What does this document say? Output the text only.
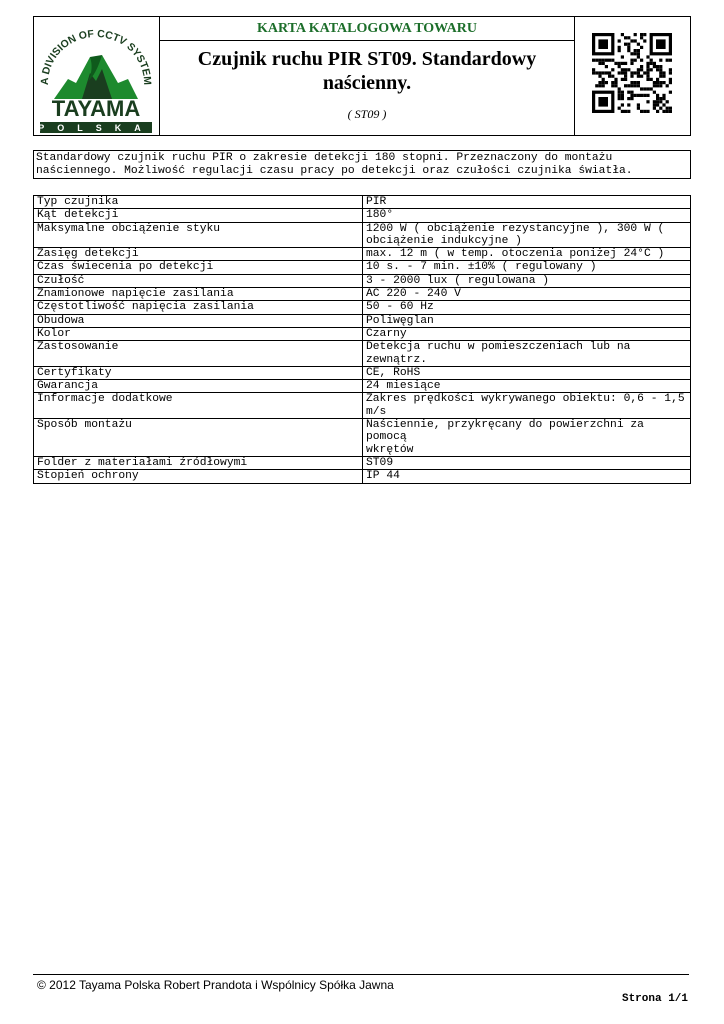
A DIVISION OF CCTV SYSTEM
TAYAMA
POLSKA
KARTA KATALOGOWA TOWARU
Czujnik ruchu PIR ST09. Standardowy
naścienny.
( ST09 )
Standardowy czujnik ruchu PIR o zakresie detekcji 180 stopni. Przeznaczony do montażu
naściennego. Możliwość regulacji czasu pracy po detekcji oraz czułości czujnika światła.
Typ czujnika	PIR

Kąt detekcji	180°

Maksymalne obciążenie styku	1200 W ( obciążenie rezystancyjne ), 300 W (
obciążenie indukcyjne )

Zasięg detekcji	max. 12 m ( w temp. otoczenia poniżej 24°C )

Czas świecenia po detekcji	10 s. - 7 min. ±10% ( regulowany )

Czułość	3 - 2000 lux ( regulowana )

Znamionowe napięcie zasilania	AC 220 - 240 V

Częstotliwość napięcia zasilania	50 - 60 Hz

Obudowa	Poliwęglan

Kolor	Czarny

Zastosowanie	Detekcja ruchu w pomieszczeniach lub na
zewnątrz.

Certyfikaty	CE, RoHS

Gwarancja	24 miesiące

Informacje dodatkowe	Zakres prędkości wykrywanego obiektu: 0,6 - 1,5
m/s

Sposób montażu	Naściennie, przykręcany do powierzchni za pomocą
wkrętów

Folder z materiałami źródłowymi	ST09

Stopień ochrony	IP 44
© 2012 Tayama Polska Robert Prandota i Wspólnicy Spółka Jawna
Strona 1/1
